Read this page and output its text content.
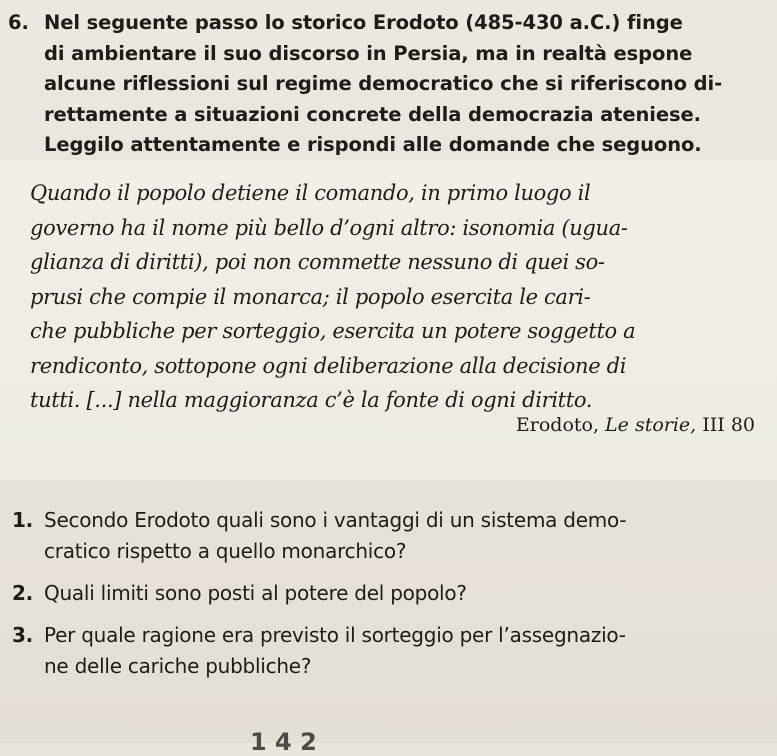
6. Nel seguente passo lo storico Erodoto (485-430 a.C.) finge
di ambientare il suo discorso in Persia, ma in realtà espone
alcune riflessioni sul regime democratico che si riferiscono di-
rettamente a situazioni concrete della democrazia ateniese.
Leggilo attentamente e rispondi alle domande che seguono.
Quando il popolo detiene il comando, in primo luogo il
governo ha il nome più bello d’ogni altro: isonomia (ugua-
glianza di diritti), poi non commette nessuno di quei so-
prusi che compie il monarca; il popolo esercita le cari-
che pubbliche per sorteggio, esercita un potere soggetto a
rendiconto, sottopone ogni deliberazione alla decisione di
tutti. [...] nella maggioranza c’è la fonte di ogni diritto.
Erodoto, Le storie, III 80
1. Secondo Erodoto quali sono i vantaggi di un sistema demo-
cratico rispetto a quello monarchico?
2. Quali limiti sono posti al potere del popolo?
3. Per quale ragione era previsto il sorteggio per l’assegnazio-
ne delle cariche pubbliche?
1 4 2
